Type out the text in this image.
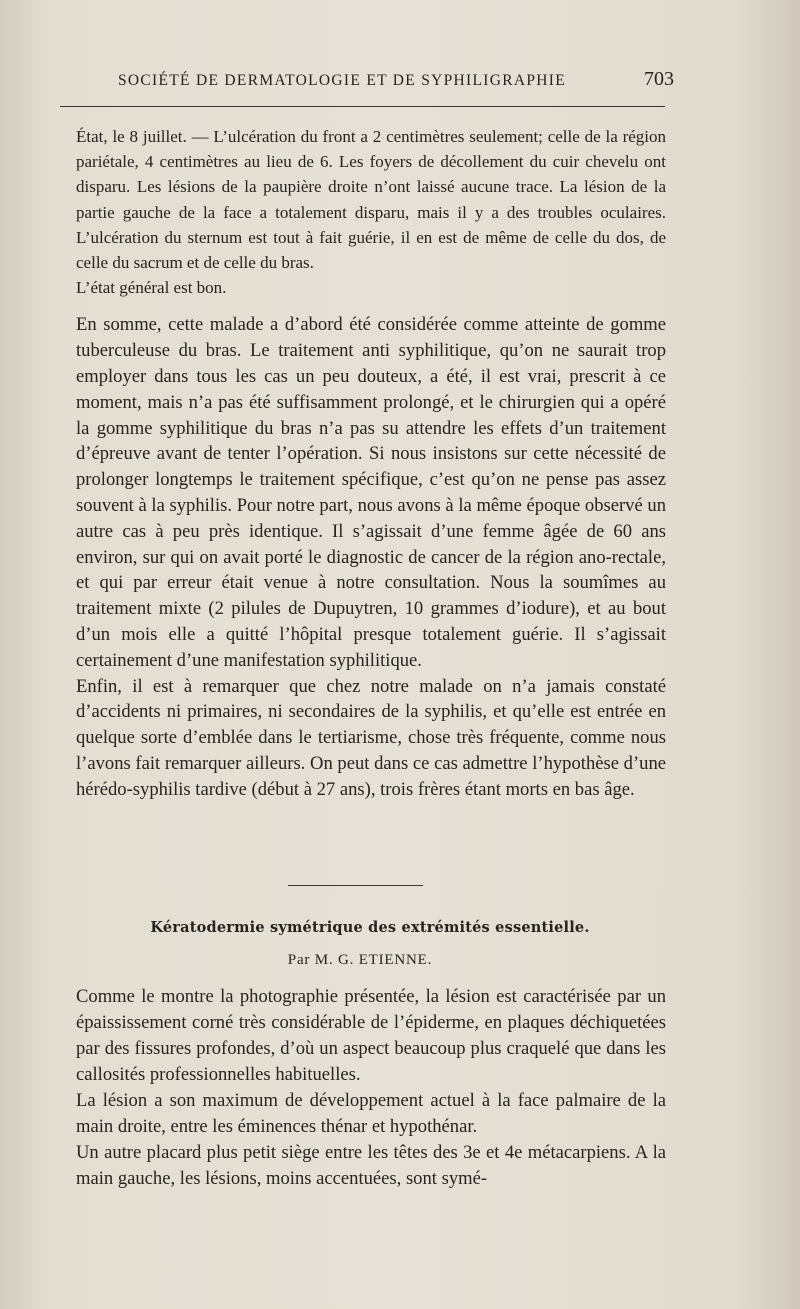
SOCIÉTÉ DE DERMATOLOGIE ET DE SYPHILIGRAPHIE	703

État, le 8 juillet. — L’ulcération du front a 2 centimètres seulement; celle de la région pariétale, 4 centimètres au lieu de 6. Les foyers de décollement du cuir chevelu ont disparu. Les lésions de la paupière droite n’ont laissé aucune trace. La lésion de la partie gauche de la face a totalement disparu, mais il y a des troubles oculaires. L’ulcération du sternum est tout à fait guérie, il en est de même de celle du dos, de celle du sacrum et de celle du bras.

L’état général est bon.

En somme, cette malade a d’abord été considérée comme atteinte de gomme tuberculeuse du bras. Le traitement anti syphilitique, qu’on ne saurait trop employer dans tous les cas un peu douteux, a été, il est vrai, prescrit à ce moment, mais n’a pas été suffisamment prolongé, et le chirurgien qui a opéré la gomme syphilitique du bras n’a pas su attendre les effets d’un traitement d’épreuve avant de tenter l’opération. Si nous insistons sur cette nécessité de prolonger longtemps le traitement spécifique, c’est qu’on ne pense pas assez souvent à la syphilis. Pour notre part, nous avons à la même époque observé un autre cas à peu près identique. Il s’agissait d’une femme âgée de 60 ans environ, sur qui on avait porté le diagnostic de cancer de la région ano-rectale, et qui par erreur était venue à notre consultation. Nous la soumîmes au traitement mixte (2 pilules de Dupuytren, 10 grammes d’iodure), et au bout d’un mois elle a quitté l’hôpital presque totalement guérie. Il s’agissait certainement d’une manifestation syphilitique.

Enfin, il est à remarquer que chez notre malade on n’a jamais constaté d’accidents ni primaires, ni secondaires de la syphilis, et qu’elle est entrée en quelque sorte d’emblée dans le tertiarisme, chose très fréquente, comme nous l’avons fait remarquer ailleurs. On peut dans ce cas admettre l’hypothèse d’une hérédo-syphilis tardive (début à 27 ans), trois frères étant morts en bas âge.

Kératodermie symétrique des extrémités essentielle.
Par M. G. ETIENNE.

Comme le montre la photographie présentée, la lésion est caractérisée par un épaississement corné très considérable de l’épiderme, en plaques déchiquetées par des fissures profondes, d’où un aspect beaucoup plus craquelé que dans les callosités professionnelles habituelles.

La lésion a son maximum de développement actuel à la face palmaire de la main droite, entre les éminences thénar et hypothénar.

Un autre placard plus petit siège entre les têtes des 3e et 4e métacarpiens. A la main gauche, les lésions, moins accentuées, sont symé-
